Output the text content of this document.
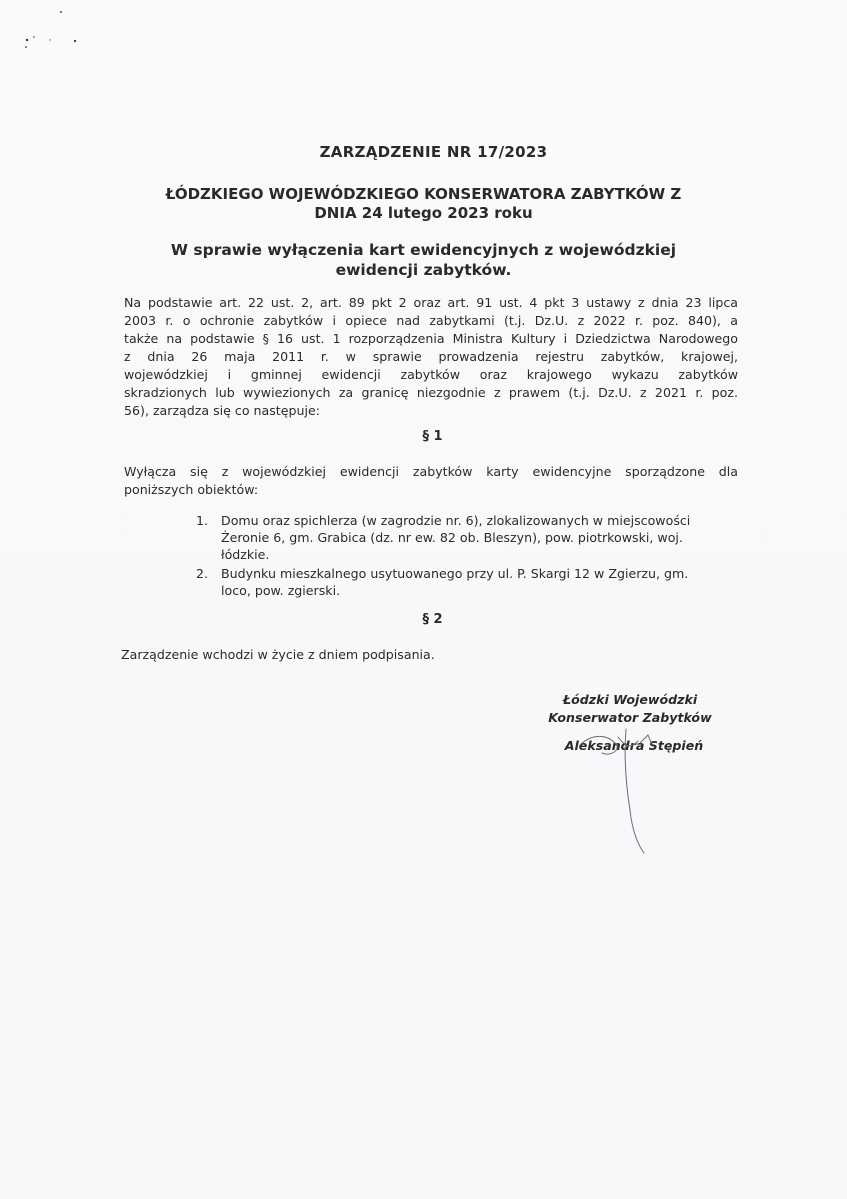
ZARZĄDZENIE NR 17/2023
ŁÓDZKIEGO WOJEWÓDZKIEGO KONSERWATORA ZABYTKÓW Z
DNIA 24 lutego 2023 roku
W sprawie wyłączenia kart ewidencyjnych z wojewódzkiej
ewidencji zabytków.
Na podstawie art. 22 ust. 2, art. 89 pkt 2 oraz art. 91 ust. 4 pkt 3 ustawy z dnia 23 lipca
2003 r. o ochronie zabytków i opiece nad zabytkami (t.j. Dz.U. z 2022 r. poz. 840), a
także na podstawie § 16 ust. 1 rozporządzenia Ministra Kultury i Dziedzictwa Narodowego
z dnia 26 maja 2011 r. w sprawie prowadzenia rejestru zabytków, krajowej,
wojewódzkiej i gminnej ewidencji zabytków oraz krajowego wykazu zabytków
skradzionych lub wywiezionych za granicę niezgodnie z prawem (t.j. Dz.U. z 2021 r. poz.
56), zarządza się co następuje:
§ 1
Wyłącza się z wojewódzkiej ewidencji zabytków karty ewidencyjne sporządzone dla
poniższych obiektów:
1. Domu oraz spichlerza (w zagrodzie nr. 6), zlokalizowanych w miejscowości
Żeronie 6, gm. Grabica (dz. nr ew. 82 ob. Bleszyn), pow. piotrkowski, woj.
łódzkie.
2. Budynku mieszkalnego usytuowanego przy ul. P. Skargi 12 w Zgierzu, gm.
loco, pow. zgierski.
§ 2
Zarządzenie wchodzi w życie z dniem podpisania.
Łódzki Wojewódzki
Konserwator Zabytków
Aleksandra Stępień
